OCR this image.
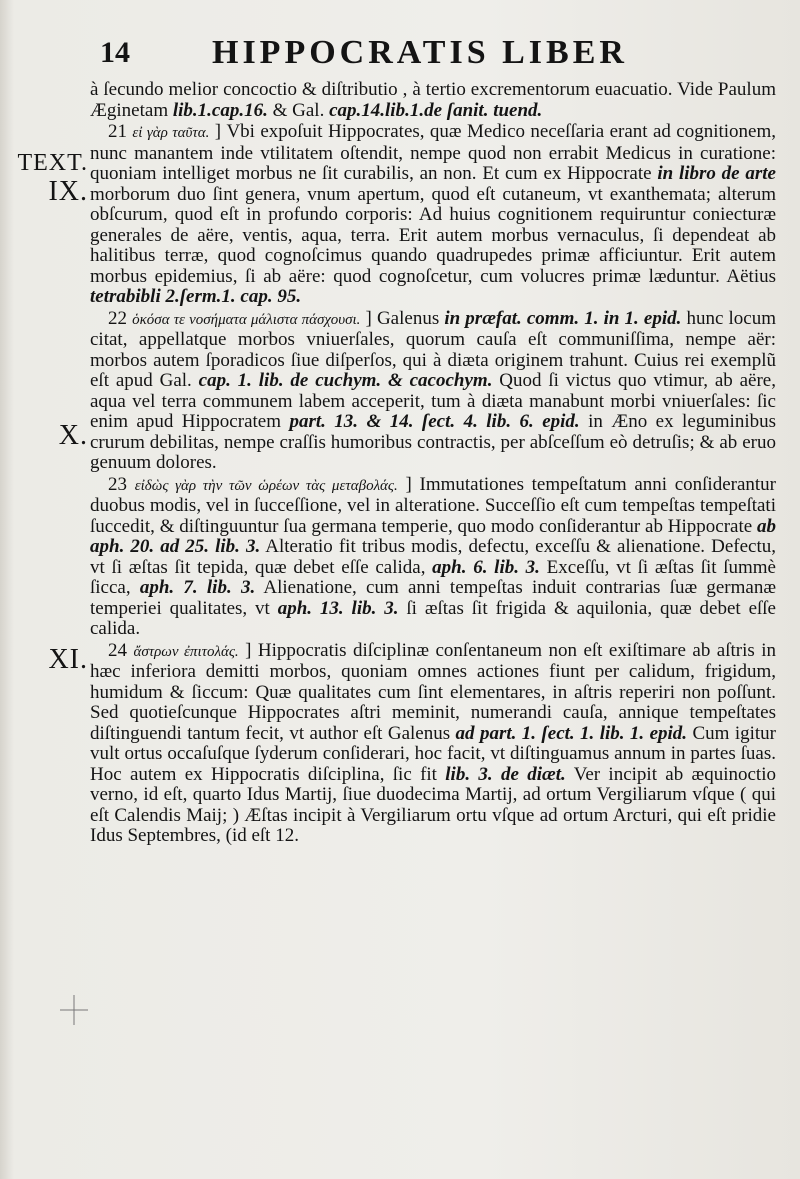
14 HIPPOCRATIS LIBER
TEXT.
IX.
X.
XI.

à ſecundo melior concoctio & diſtributio , à tertio excrementorum euacuatio. Vide Paulum Æginetam lib.1.cap.16. & Gal. cap.14.lib.1.de ſanit. tuend.

21 εἰ γὰρ ταῦτα. ] Vbi expoſuit Hippocrates, quæ Medico neceſſaria erant ad cognitionem, nunc manantem inde vtilitatem oſtendit, nempe quod non errabit Medicus in curatione: quoniam intelliget morbus ne ſit curabilis, an non. Et cum ex Hippocrate in libro de arte morborum duo ſint genera, vnum apertum, quod eſt cutaneum, vt exanthemata; alterum obſcurum, quod eſt in profundo corporis: Ad huius cognitionem requiruntur coniecturæ generales de aëre, ventis, aqua, terra. Erit autem morbus vernaculus, ſi dependeat ab halitibus terræ, quod cognoſcimus quando quadrupedes primæ afficiuntur. Erit autem morbus epidemius, ſi ab aëre: quod cognoſcetur, cum volucres primæ læduntur. Aëtius tetrabibli 2.ſerm.1. cap. 95.

22 ὁκόσα τε νοσήματα μάλιστα πάσχουσι. ] Galenus in præfat. comm. 1. in 1. epid. hunc locum citat, appellatque morbos vniuerſales, quorum cauſa eſt communiſſima, nempe aër: morbos autem ſporadicos ſiue diſperſos, qui à diæta originem trahunt. Cuius rei exemplũ eſt apud Gal. cap. 1. lib. de cuchym. & cacochym. Quod ſi victus quo vtimur, ab aëre, aqua vel terra communem labem acceperit, tum à diæta manabunt morbi vniuerſales: ſic enim apud Hippocratem part. 13. & 14. ſect. 4. lib. 6. epid. in Æno ex leguminibus crurum debilitas, nempe craſſis humoribus contractis, per abſceſſum eò detruſis; & ab eruo genuum dolores.

23 εἰδὼς γὰρ τὴν τῶν ὡρέων τὰς μεταβολάς. ] Immutationes tempeſtatum anni conſiderantur duobus modis, vel in ſucceſſione, vel in alteratione. Succeſſio eſt cum tempeſtas tempeſtati ſuccedit, & diſtinguuntur ſua germana temperie, quo modo conſiderantur ab Hippocrate ab aph. 20. ad 25. lib. 3. Alteratio fit tribus modis, defectu, exceſſu & alienatione. Defectu, vt ſi æſtas ſit tepida, quæ debet eſſe calida, aph. 6. lib. 3. Exceſſu, vt ſi æſtas ſit ſummè ſicca, aph. 7. lib. 3. Alienatione, cum anni tempeſtas induit contrarias ſuæ germanæ temperiei qualitates, vt aph. 13. lib. 3. ſi æſtas ſit frigida & aquilonia, quæ debet eſſe calida.

24 ἄστρων ἐπιτολάς. ] Hippocratis diſciplinæ conſentaneum non eſt exiſtimare ab aſtris in hæc inferiora demitti morbos, quoniam omnes actiones fiunt per calidum, frigidum, humidum & ſiccum: Quæ qualitates cum ſint elementares, in aſtris reperiri non poſſunt. Sed quotieſcunque Hippocrates aſtri meminit, numerandi cauſa, annique tempeſtates diſtinguendi tantum fecit, vt author eſt Galenus ad part. 1. ſect. 1. lib. 1. epid. Cum igitur vult ortus occaſuſque ſyderum conſiderari, hoc facit, vt diſtinguamus annum in partes ſuas. Hoc autem ex Hippocratis diſciplina, ſic fit lib. 3. de diæt. Ver incipit ab æquinoctio verno, id eſt, quarto Idus Martij, ſiue duodecima Martij, ad ortum Vergiliarum vſque ( qui eſt Calendis Maij; ) Æſtas incipit à Vergiliarum ortu vſque ad ortum Arcturi, qui eſt pridie Idus Septembres, (id eſt 12.
